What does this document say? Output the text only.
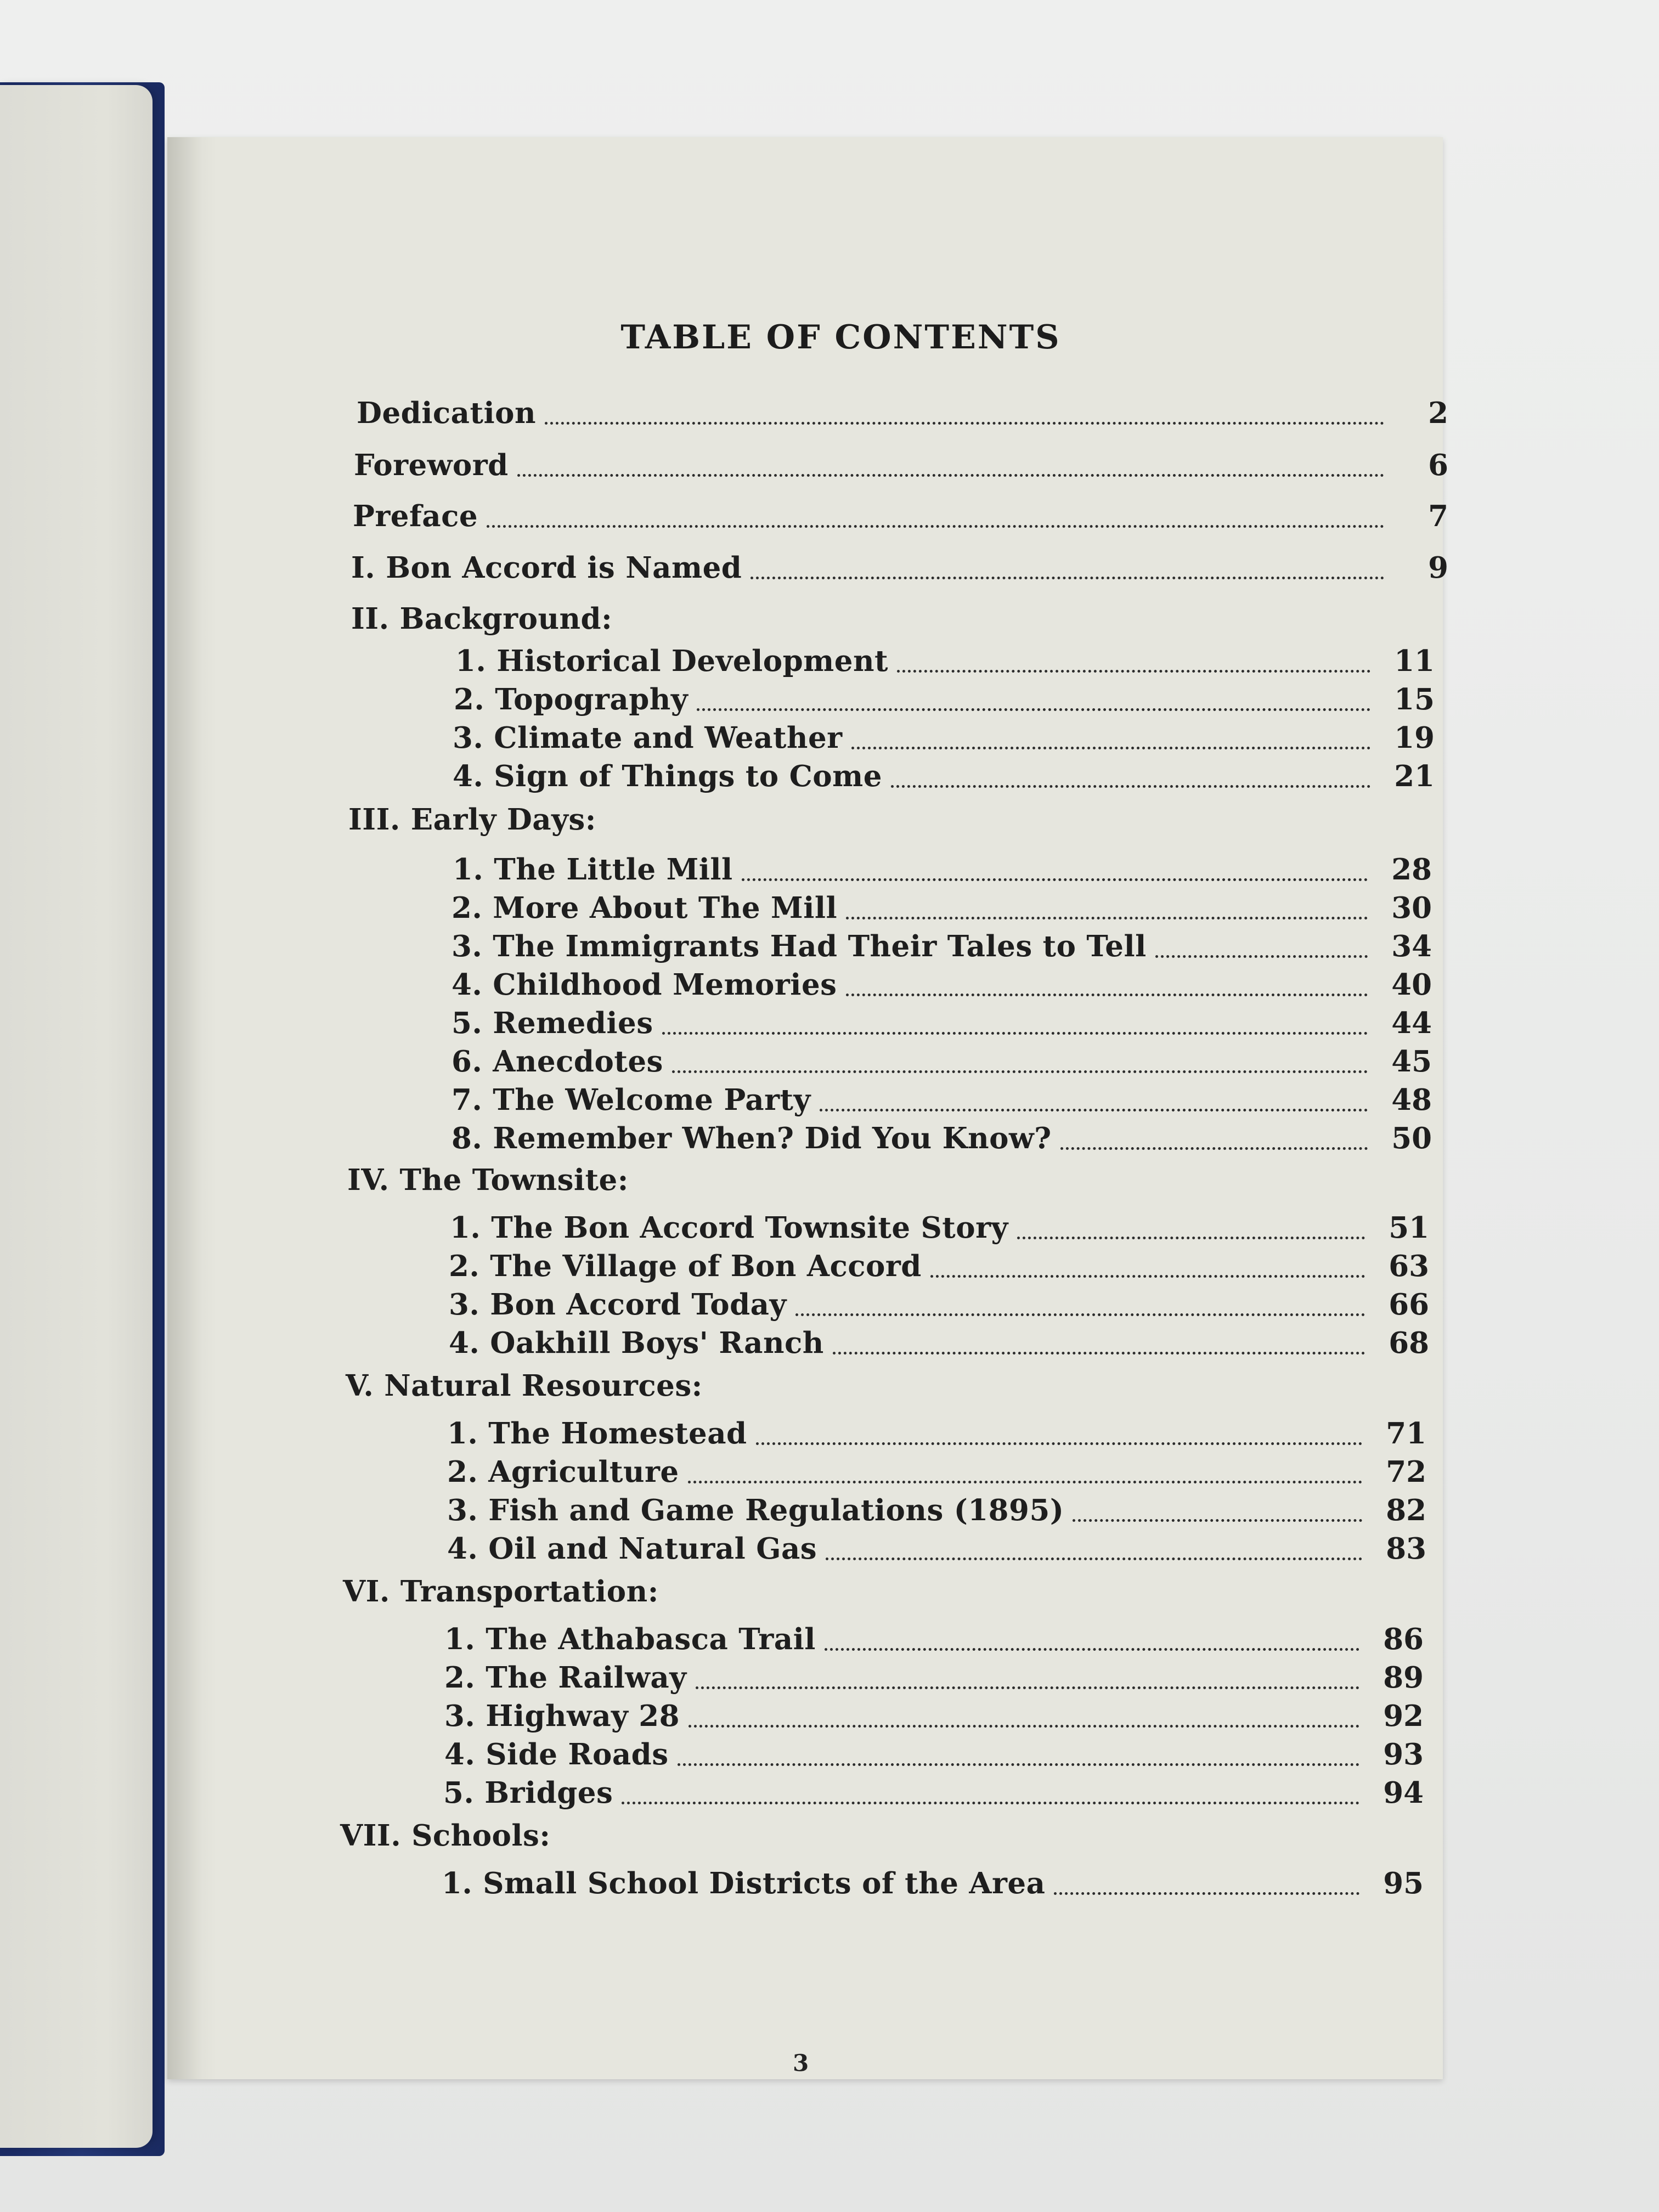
TABLE OF CONTENTS
Dedication	2
Foreword	6
Preface	7
I. Bon Accord is Named	9
II. Background:
1. Historical Development	11
2. Topography	15
3. Climate and Weather	19
4. Sign of Things to Come	21
III. Early Days:
1. The Little Mill	28
2. More About The Mill	30
3. The Immigrants Had Their Tales to Tell	34
4. Childhood Memories	40
5. Remedies	44
6. Anecdotes	45
7. The Welcome Party	48
8. Remember When? Did You Know?	50
IV. The Townsite:
1. The Bon Accord Townsite Story	51
2. The Village of Bon Accord	63
3. Bon Accord Today	66
4. Oakhill Boys' Ranch	68
V. Natural Resources:
1. The Homestead	71
2. Agriculture	72
3. Fish and Game Regulations (1895)	82
4. Oil and Natural Gas	83
VI. Transportation:
1. The Athabasca Trail	86
2. The Railway	89
3. Highway 28	92
4. Side Roads	93
5. Bridges	94
VII. Schools:
1. Small School Districts of the Area	95
3
